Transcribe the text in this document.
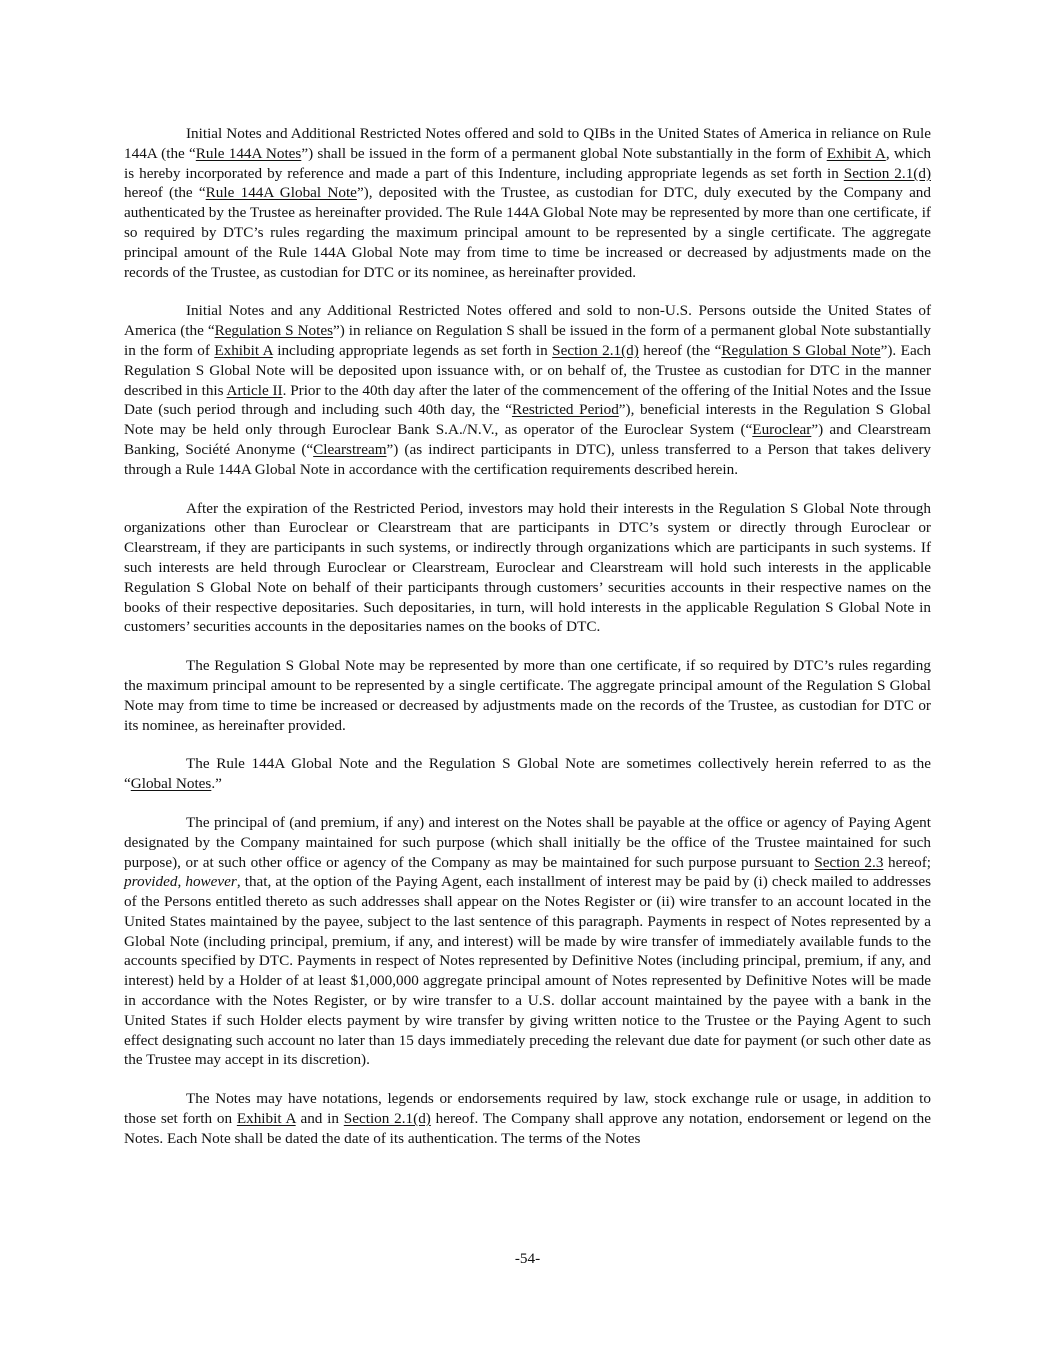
Initial Notes and Additional Restricted Notes offered and sold to QIBs in the United States of America in reliance on Rule 144A (the “Rule 144A Notes”) shall be issued in the form of a permanent global Note substantially in the form of Exhibit A, which is hereby incorporated by reference and made a part of this Indenture, including appropriate legends as set forth in Section 2.1(d) hereof (the “Rule 144A Global Note”), deposited with the Trustee, as custodian for DTC, duly executed by the Company and authenticated by the Trustee as hereinafter provided. The Rule 144A Global Note may be represented by more than one certificate, if so required by DTC’s rules regarding the maximum principal amount to be represented by a single certificate. The aggregate principal amount of the Rule 144A Global Note may from time to time be increased or decreased by adjustments made on the records of the Trustee, as custodian for DTC or its nominee, as hereinafter provided.

Initial Notes and any Additional Restricted Notes offered and sold to non-U.S. Persons outside the United States of America (the “Regulation S Notes”) in reliance on Regulation S shall be issued in the form of a permanent global Note substantially in the form of Exhibit A including appropriate legends as set forth in Section 2.1(d) hereof (the “Regulation S Global Note”). Each Regulation S Global Note will be deposited upon issuance with, or on behalf of, the Trustee as custodian for DTC in the manner described in this Article II. Prior to the 40th day after the later of the commencement of the offering of the Initial Notes and the Issue Date (such period through and including such 40th day, the “Restricted Period”), beneficial interests in the Regulation S Global Note may be held only through Euroclear Bank S.A./N.V., as operator of the Euroclear System (“Euroclear”) and Clearstream Banking, Société Anonyme (“Clearstream”) (as indirect participants in DTC), unless transferred to a Person that takes delivery through a Rule 144A Global Note in accordance with the certification requirements described herein.

After the expiration of the Restricted Period, investors may hold their interests in the Regulation S Global Note through organizations other than Euroclear or Clearstream that are participants in DTC’s system or directly through Euroclear or Clearstream, if they are participants in such systems, or indirectly through organizations which are participants in such systems. If such interests are held through Euroclear or Clearstream, Euroclear and Clearstream will hold such interests in the applicable Regulation S Global Note on behalf of their participants through customers’ securities accounts in their respective names on the books of their respective depositaries. Such depositaries, in turn, will hold interests in the applicable Regulation S Global Note in customers’ securities accounts in the depositaries names on the books of DTC.

The Regulation S Global Note may be represented by more than one certificate, if so required by DTC’s rules regarding the maximum principal amount to be represented by a single certificate. The aggregate principal amount of the Regulation S Global Note may from time to time be increased or decreased by adjustments made on the records of the Trustee, as custodian for DTC or its nominee, as hereinafter provided.

The Rule 144A Global Note and the Regulation S Global Note are sometimes collectively herein referred to as the “Global Notes.”

The principal of (and premium, if any) and interest on the Notes shall be payable at the office or agency of Paying Agent designated by the Company maintained for such purpose (which shall initially be the office of the Trustee maintained for such purpose), or at such other office or agency of the Company as may be maintained for such purpose pursuant to Section 2.3 hereof; provided, however, that, at the option of the Paying Agent, each installment of interest may be paid by (i) check mailed to addresses of the Persons entitled thereto as such addresses shall appear on the Notes Register or (ii) wire transfer to an account located in the United States maintained by the payee, subject to the last sentence of this paragraph. Payments in respect of Notes represented by a Global Note (including principal, premium, if any, and interest) will be made by wire transfer of immediately available funds to the accounts specified by DTC. Payments in respect of Notes represented by Definitive Notes (including principal, premium, if any, and interest) held by a Holder of at least $1,000,000 aggregate principal amount of Notes represented by Definitive Notes will be made in accordance with the Notes Register, or by wire transfer to a U.S. dollar account maintained by the payee with a bank in the United States if such Holder elects payment by wire transfer by giving written notice to the Trustee or the Paying Agent to such effect designating such account no later than 15 days immediately preceding the relevant due date for payment (or such other date as the Trustee may accept in its discretion).

The Notes may have notations, legends or endorsements required by law, stock exchange rule or usage, in addition to those set forth on Exhibit A and in Section 2.1(d) hereof. The Company shall approve any notation, endorsement or legend on the Notes. Each Note shall be dated the date of its authentication. The terms of the Notes

-54-
